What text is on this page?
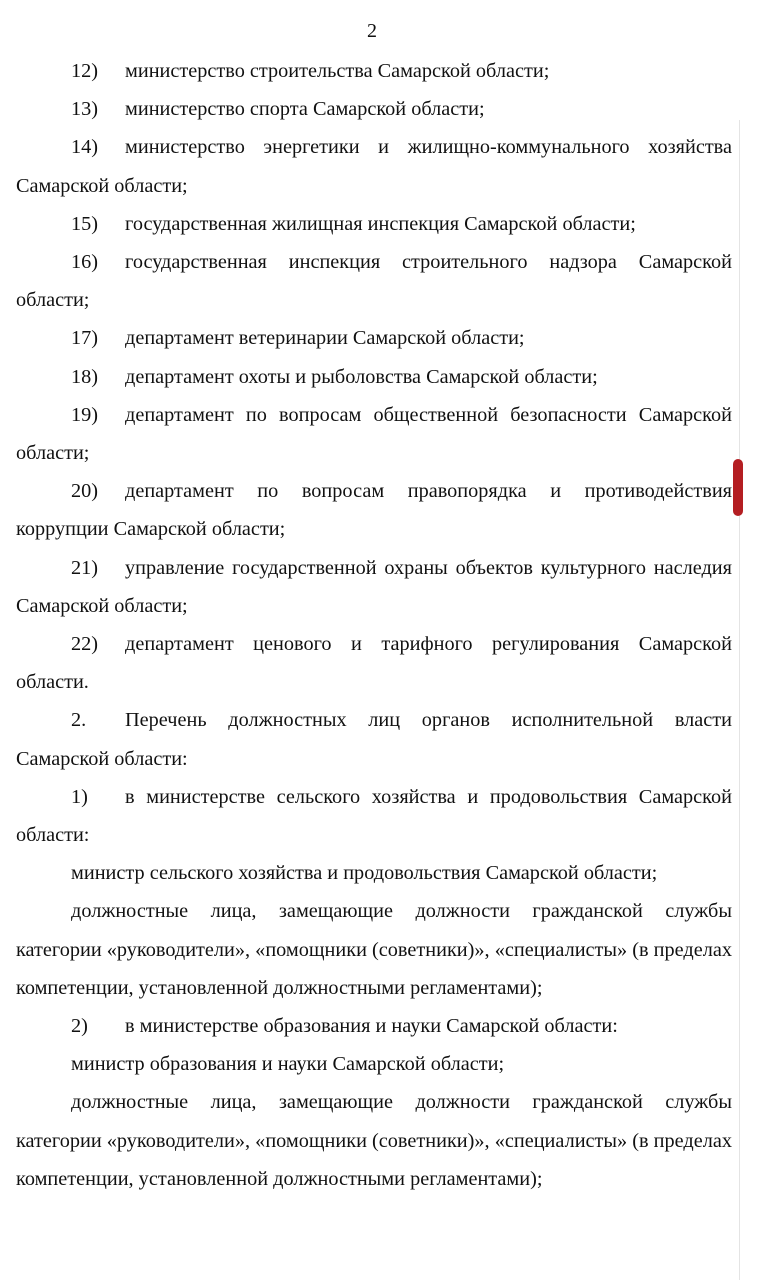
2

12) министерство строительства Самарской области;

13) министерство спорта Самарской области;

14) министерство энергетики и жилищно-коммунального хозяйства Самарской области;

15) государственная жилищная инспекция Самарской области;

16) государственная инспекция строительного надзора Самарской области;

17) департамент ветеринарии Самарской области;

18) департамент охоты и рыболовства Самарской области;

19) департамент по вопросам общественной безопасности Самарской области;

20) департамент по вопросам правопорядка и противодействия коррупции Самарской области;

21) управление государственной охраны объектов культурного наследия Самарской области;

22) департамент ценового и тарифного регулирования Самарской области.

2. Перечень должностных лиц органов исполнительной власти Самарской области:

1) в министерстве сельского хозяйства и продовольствия Самарской области:

министр сельского хозяйства и продовольствия Самарской области;

должностные лица, замещающие должности гражданской службы категории «руководители», «помощники (советники)», «специалисты» (в пределах компетенции, установленной должностными регламентами);

2) в министерстве образования и науки Самарской области:

министр образования и науки Самарской области;

должностные лица, замещающие должности гражданской службы категории «руководители», «помощники (советники)», «специалисты» (в пределах компетенции, установленной должностными регламентами);
